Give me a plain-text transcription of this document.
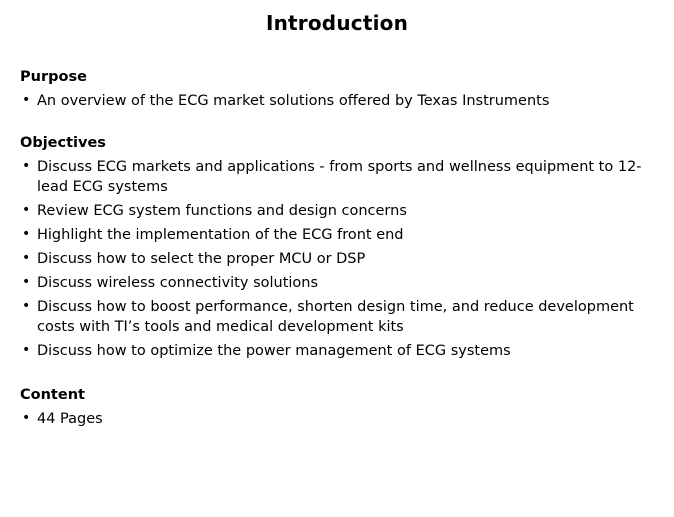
Introduction
Purpose
• An overview of the ECG market solutions offered by Texas Instruments
Objectives
• Discuss ECG markets and applications - from sports and wellness equipment to 12-lead ECG systems
• Review ECG system functions and design concerns
• Highlight the implementation of the ECG front end
• Discuss how to select the proper MCU or DSP
• Discuss wireless connectivity solutions
• Discuss how to boost performance, shorten design time, and reduce development costs with TI’s tools and medical development kits
• Discuss how to optimize the power management of ECG systems
Content
• 44 Pages
